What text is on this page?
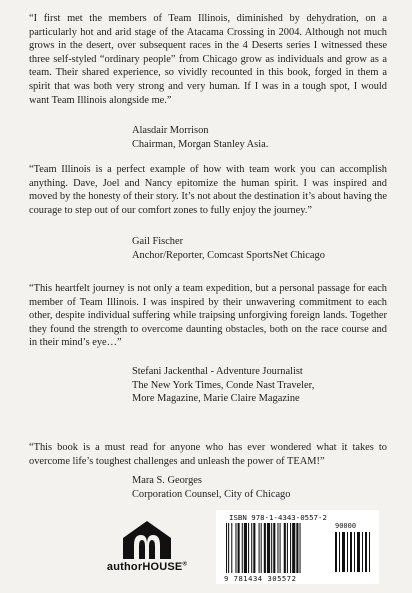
“I first met the members of Team Illinois, diminished by dehydration, on a particularly hot and arid stage of the Atacama Crossing in 2004. Although not much grows in the desert, over subsequent races in the 4 Deserts series I witnessed these three self-styled “ordinary people” from Chicago grow as individuals and grow as a team. Their shared experience, so vividly recounted in this book, forged in them a spirit that was both very strong and very human. If I was in a tough spot, I would want Team Illinois alongside me.”
Alasdair Morrison
Chairman, Morgan Stanley Asia.
“Team Illinois is a perfect example of how with team work you can accomplish anything. Dave, Joel and Nancy epitomize the human spirit. I was inspired and moved by the honesty of their story. It’s not about the destination it’s about having the courage to step out of our comfort zones to fully enjoy the journey.”
Gail Fischer
Anchor/Reporter, Comcast SportsNet Chicago
“This heartfelt journey is not only a team expedition, but a personal passage for each member of Team Illinois. I was inspired by their unwavering commitment to each other, despite individual suffering while traipsing unforgiving foreign lands. Together they found the strength to overcome daunting obstacles, both on the race course and in their mind’s eye…”
Stefani Jackenthal - Adventure Journalist
The New York Times, Conde Nast Traveler,
More Magazine, Marie Claire Magazine
“This book is a must read for anyone who has ever wondered what it takes to overcome life’s toughest challenges and unleash the power of TEAM!”
Mara S. Georges
Corporation Counsel, City of Chicago
authorHOUSE®
ISBN 978-1-4343-0557-2
90000
9 781434 305572
